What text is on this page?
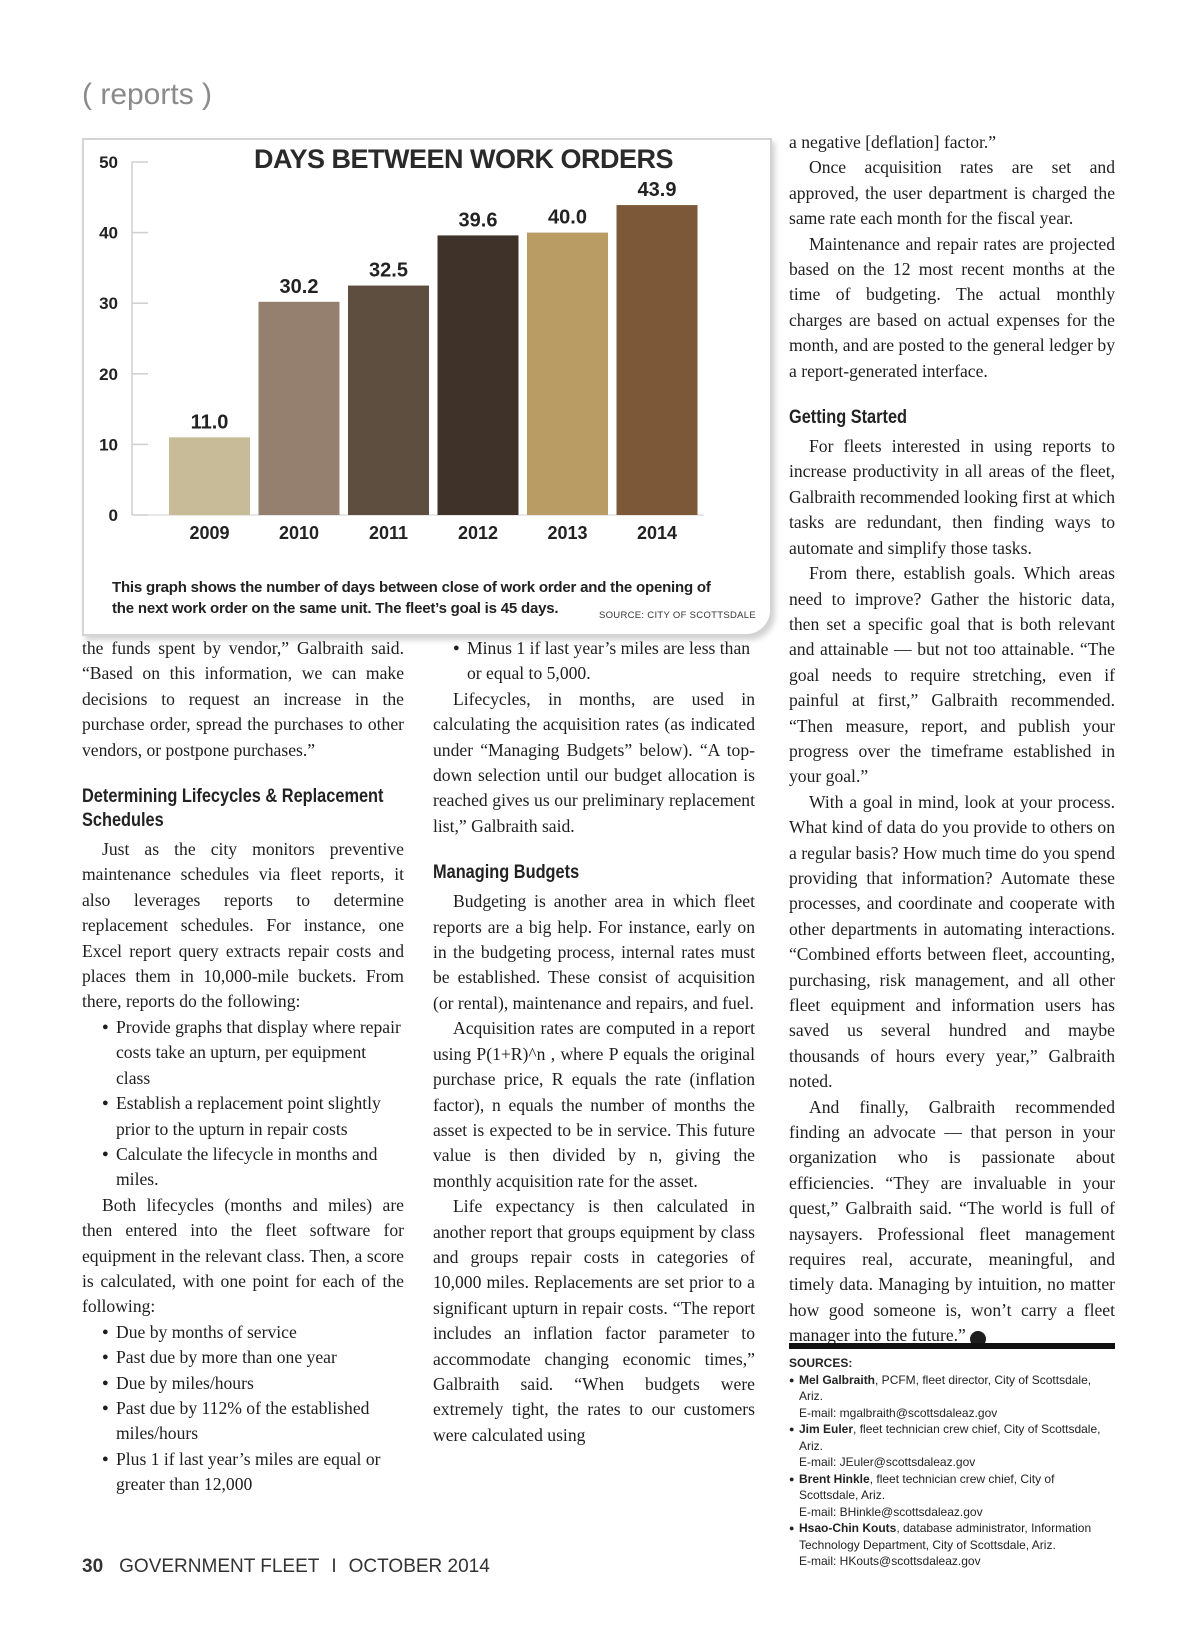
( reports )
0
10
20
30
40
50
11.0
2009
30.2
2010
32.5
2011
39.6
2012
40.0
2013
43.9
2014
DAYS BETWEEN WORK ORDERS
This graph shows the number of days between close of work order and the opening of the next work order on the same unit. The fleet’s goal is 45 days.	SOURCE: CITY OF SCOTTSDALE

the funds spent by vendor,” Galbraith said. “Based on this information, we can make decisions to request an increase in the purchase order, spread the purchases to other vendors, or postpone purchases.”

Determining Lifecycles & Replacement Schedules

Just as the city monitors preventive maintenance schedules via fleet reports, it also leverages reports to determine replacement schedules. For instance, one Excel report query extracts repair costs and places them in 10,000-mile buckets. From there, reports do the following:

● Provide graphs that display where repair costs take an upturn, per equipment class
● Establish a replacement point slightly prior to the upturn in repair costs
● Calculate the lifecycle in months and miles.

Both lifecycles (months and miles) are then entered into the fleet software for equipment in the relevant class. Then, a score is calculated, with one point for each of the following:

● Due by months of service
● Past due by more than one year
● Due by miles/hours
● Past due by 112% of the established miles/hours
● Plus 1 if last year’s miles are equal or greater than 12,000
● Minus 1 if last year’s miles are less than or equal to 5,000.

Lifecycles, in months, are used in calculating the acquisition rates (as indicated under “Managing Budgets” below). “A top-down selection until our budget allocation is reached gives us our preliminary replacement list,” Galbraith said.

Managing Budgets

Budgeting is another area in which fleet reports are a big help. For instance, early on in the budgeting process, internal rates must be established. These consist of acquisition (or rental), maintenance and repairs, and fuel.

Acquisition rates are computed in a report using P(1+R)^n , where P equals the original purchase price, R equals the rate (inflation factor), n equals the number of months the asset is expected to be in service. This future value is then divided by n, giving the monthly acquisition rate for the asset.

Life expectancy is then calculated in another report that groups equipment by class and groups repair costs in categories of 10,000 miles. Replacements are set prior to a significant upturn in repair costs. “The report includes an inflation factor parameter to accommodate changing economic times,” Galbraith said. “When budgets were extremely tight, the rates to our customers were calculated using

a negative [deflation] factor.”

Once acquisition rates are set and approved, the user department is charged the same rate each month for the fiscal year.

Maintenance and repair rates are projected based on the 12 most recent months at the time of budgeting. The actual monthly charges are based on actual expenses for the month, and are posted to the general ledger by a report-generated interface.

Getting Started

For fleets interested in using reports to increase productivity in all areas of the fleet, Galbraith recommended looking first at which tasks are redundant, then finding ways to automate and simplify those tasks.

From there, establish goals. Which areas need to improve? Gather the historic data, then set a specific goal that is both relevant and attainable — but not too attainable. “The goal needs to require stretching, even if painful at first,” Galbraith recommended. “Then measure, report, and publish your progress over the timeframe established in your goal.”

With a goal in mind, look at your process. What kind of data do you provide to others on a regular basis? How much time do you spend providing that information? Automate these processes, and coordinate and cooperate with other departments in automating interactions. “Combined efforts between fleet, accounting, purchasing, risk management, and all other fleet equipment and information users has saved us several hundred and maybe thousands of hours every year,” Galbraith noted.

And finally, Galbraith recommended finding an advocate — that person in your organization who is passionate about efficiencies. “They are invaluable in your quest,” Galbraith said. “The world is full of naysayers. Professional fleet management requires real, accurate, meaningful, and timely data. Managing by intuition, no matter how good someone is, won’t carry a fleet manager into the future.” ✪

SOURCES:
● Mel Galbraith, PCFM, fleet director, City of Scottsdale, Ariz.
E-mail: mgalbraith@scottsdaleaz.gov
● Jim Euler, fleet technician crew chief, City of Scottsdale, Ariz.
E-mail: JEuler@scottsdaleaz.gov
● Brent Hinkle, fleet technician crew chief, City of Scottsdale, Ariz.
E-mail: BHinkle@scottsdaleaz.gov
● Hsao-Chin Kouts, database administrator, Information Technology Department, City of Scottsdale, Ariz.
E-mail: HKouts@scottsdaleaz.gov
30 GOVERNMENT FLEET I OCTOBER 2014
